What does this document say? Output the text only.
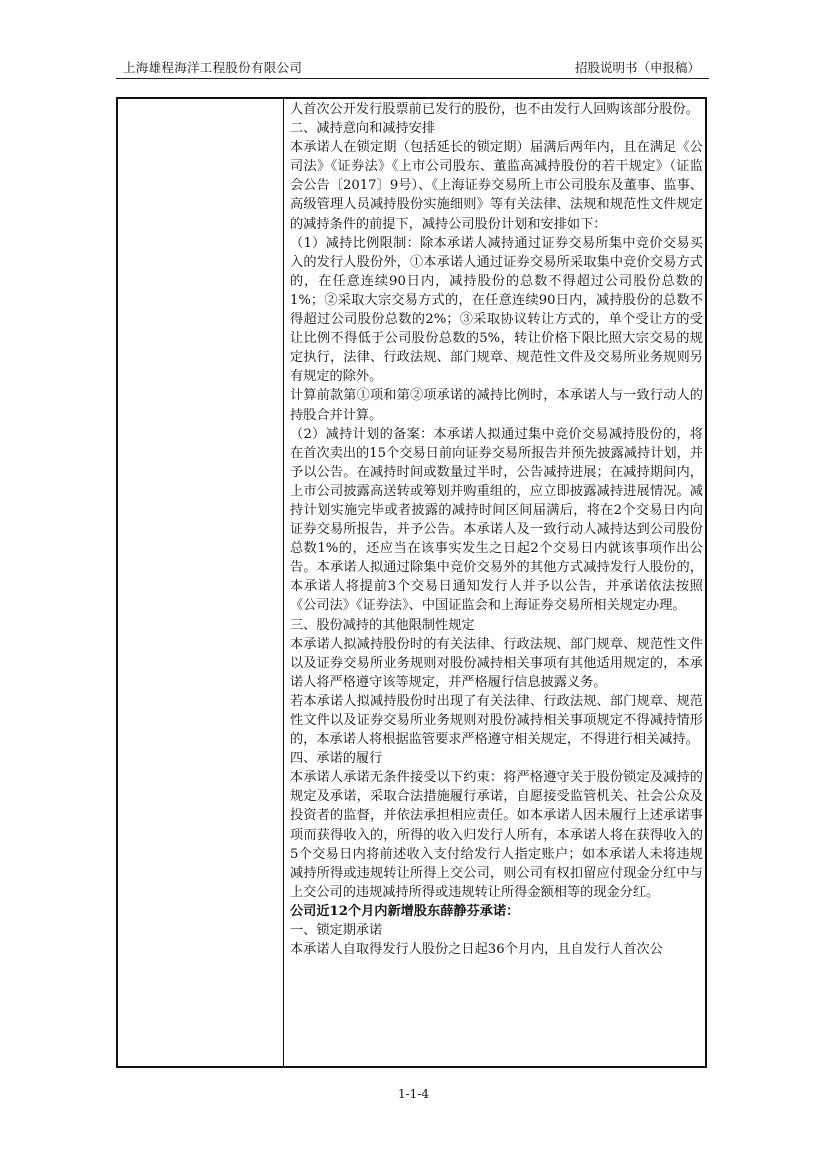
上海雄程海洋工程股份有限公司	招股说明书（申报稿）

人首次公开发行股票前已发行的股份，也不由发行人回购该部分股份。

二、减持意向和减持安排

本承诺人在锁定期（包括延长的锁定期）届满后两年内，且在满足《公司法》《证券法》《上市公司股东、董监高减持股份的若干规定》（证监会公告〔2017〕9号）、《上海证券交易所上市公司股东及董事、监事、高级管理人员减持股份实施细则》等有关法律、法规和规范性文件规定的减持条件的前提下，减持公司股份计划和安排如下：

（1）减持比例限制：除本承诺人减持通过证券交易所集中竞价交易买入的发行人股份外，①本承诺人通过证券交易所采取集中竞价交易方式的，在任意连续90日内，减持股份的总数不得超过公司股份总数的1%；②采取大宗交易方式的，在任意连续90日内，减持股份的总数不得超过公司股份总数的2%；③采取协议转让方式的，单个受让方的受让比例不得低于公司股份总数的5%，转让价格下限比照大宗交易的规定执行，法律、行政法规、部门规章、规范性文件及交易所业务规则另有规定的除外。

计算前款第①项和第②项承诺的减持比例时，本承诺人与一致行动人的持股合并计算。

（2）减持计划的备案：本承诺人拟通过集中竞价交易减持股份的，将在首次卖出的15个交易日前向证券交易所报告并预先披露减持计划，并予以公告。在减持时间或数量过半时，公告减持进展；在减持期间内，上市公司披露高送转或筹划并购重组的，应立即披露减持进展情况。减持计划实施完毕或者披露的减持时间区间届满后，将在2个交易日内向证券交易所报告，并予公告。本承诺人及一致行动人减持达到公司股份总数1%的，还应当在该事实发生之日起2个交易日内就该事项作出公告。本承诺人拟通过除集中竞价交易外的其他方式减持发行人股份的，本承诺人将提前3个交易日通知发行人并予以公告，并承诺依法按照《公司法》《证券法》、中国证监会和上海证券交易所相关规定办理。

三、股份减持的其他限制性规定

本承诺人拟减持股份时的有关法律、行政法规、部门规章、规范性文件以及证券交易所业务规则对股份减持相关事项有其他适用规定的，本承诺人将严格遵守该等规定，并严格履行信息披露义务。

若本承诺人拟减持股份时出现了有关法律、行政法规、部门规章、规范性文件以及证券交易所业务规则对股份减持相关事项规定不得减持情形的，本承诺人将根据监管要求严格遵守相关规定，不得进行相关减持。

四、承诺的履行

本承诺人承诺无条件接受以下约束：将严格遵守关于股份锁定及减持的规定及承诺，采取合法措施履行承诺，自愿接受监管机关、社会公众及投资者的监督，并依法承担相应责任。如本承诺人因未履行上述承诺事项而获得收入的，所得的收入归发行人所有，本承诺人将在获得收入的5个交易日内将前述收入支付给发行人指定账户；如本承诺人未将违规减持所得或违规转让所得上交公司，则公司有权扣留应付现金分红中与上交公司的违规减持所得或违规转让所得金额相等的现金分红。

公司近12个月内新增股东薛静芬承诺：

一、锁定期承诺

本承诺人自取得发行人股份之日起36个月内，且自发行人首次公

1-1-4
